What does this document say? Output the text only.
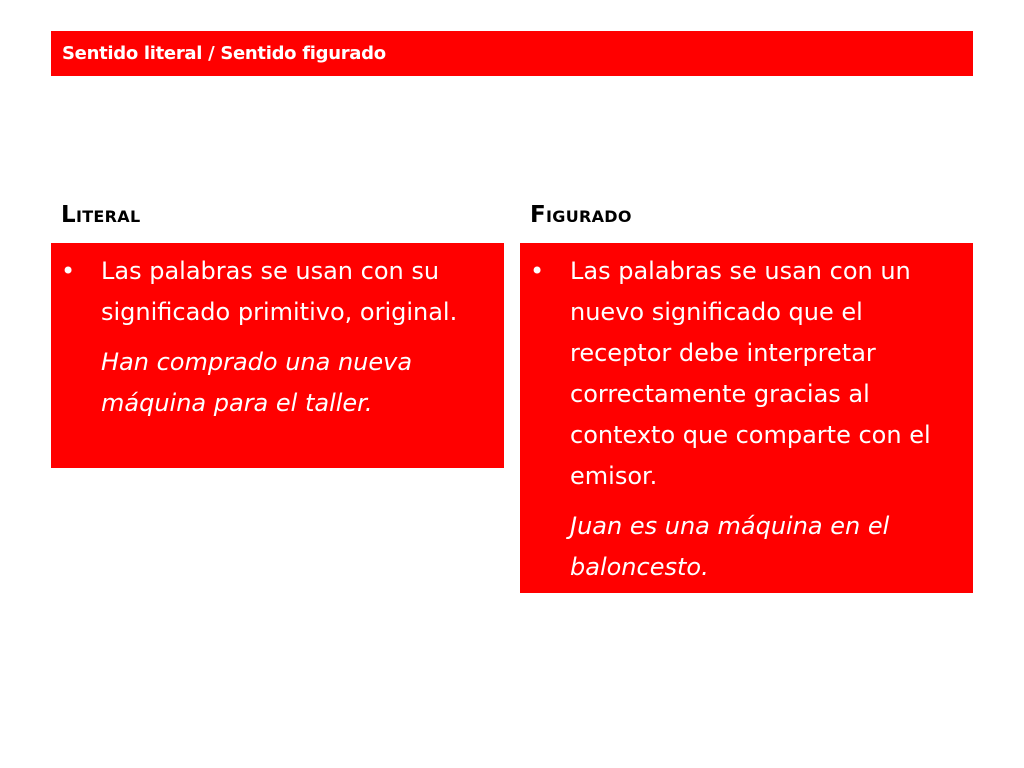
Sentido literal / Sentido figurado
Literal	Figurado
•	Las palabras se usan con su significado primitivo, original.
Han comprado una nueva máquina para el taller.
•	Las palabras se usan con un nuevo significado que el receptor debe interpretar correctamente gracias al contexto que comparte con el emisor.
Juan es una máquina en el baloncesto.
